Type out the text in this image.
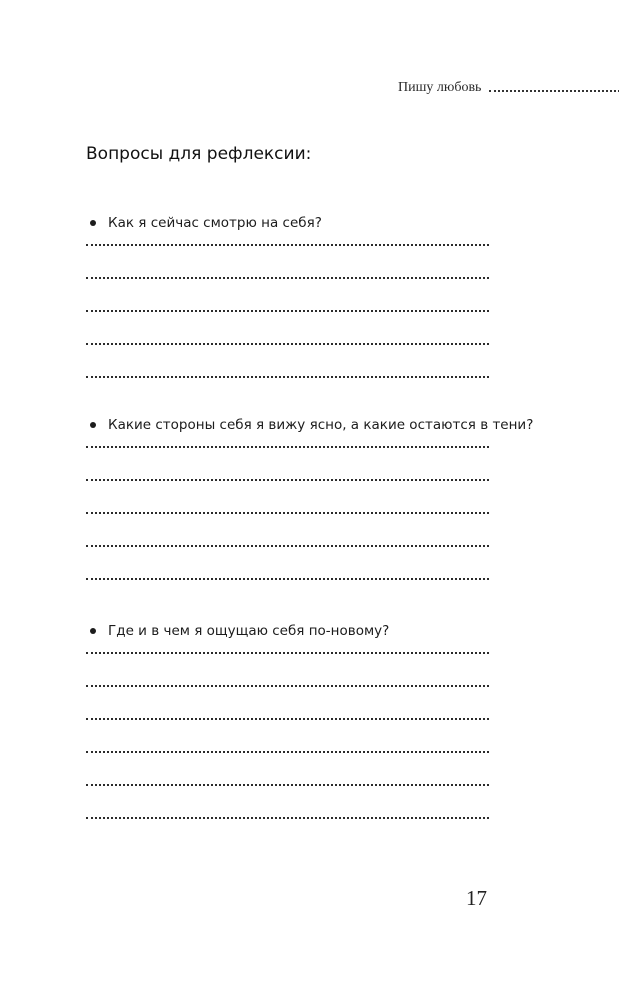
Пишу любовь
Вопросы для рефлексии:
Как я сейчас смотрю на себя?
Какие стороны себя я вижу ясно, а какие остаются в тени?
Где и в чем я ощущаю себя по-новому?
17
